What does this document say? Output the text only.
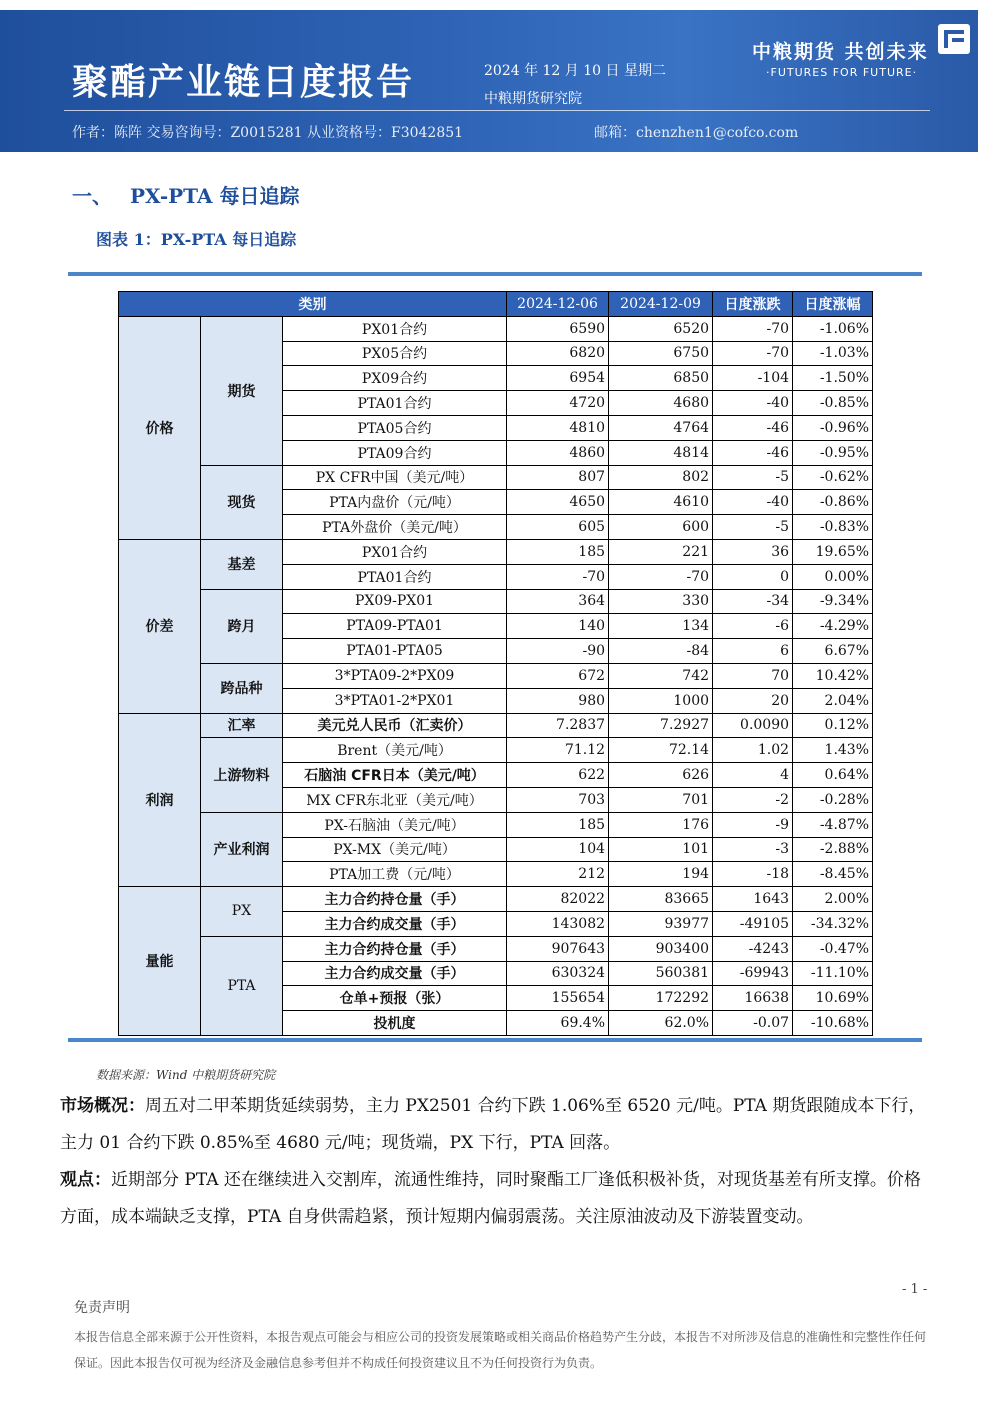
聚酯产业链日度报告	2024 年 12 月 10 日 星期二
中粮期货研究院
中粮期货 共创未来
·FUTURES FOR FUTURE·
作者：陈阵 交易咨询号：Z0015281 从业资格号：F3042851	邮箱：chenzhen1@cofco.com
一、 PX-PTA 每日追踪
图表 1：PX-PTA 每日追踪
类别			2024-12-06	2024-12-09	日度涨跌	日度涨幅
价格	期货	PX01合约	6590	6520	-70	-1.06%
		PX05合约	6820	6750	-70	-1.03%
		PX09合约	6954	6850	-104	-1.50%
		PTA01合约	4720	4680	-40	-0.85%
		PTA05合约	4810	4764	-46	-0.96%
		PTA09合约	4860	4814	-46	-0.95%
	现货	PX CFR中国（美元/吨）	807	802	-5	-0.62%
		PTA内盘价（元/吨）	4650	4610	-40	-0.86%
		PTA外盘价（美元/吨）	605	600	-5	-0.83%
价差	基差	PX01合约	185	221	36	19.65%
		PTA01合约	-70	-70	0	0.00%
	跨月	PX09-PX01	364	330	-34	-9.34%
		PTA09-PTA01	140	134	-6	-4.29%
		PTA01-PTA05	-90	-84	6	6.67%
	跨品种	3*PTA09-2*PX09	672	742	70	10.42%
		3*PTA01-2*PX01	980	1000	20	2.04%
利润	汇率	美元兑人民币（汇卖价）	7.2837	7.2927	0.0090	0.12%
	上游物料	Brent（美元/吨）	71.12	72.14	1.02	1.43%
		石脑油 CFR日本（美元/吨）	622	626	4	0.64%
		MX CFR东北亚（美元/吨）	703	701	-2	-0.28%
	产业利润	PX-石脑油（美元/吨）	185	176	-9	-4.87%
		PX-MX（美元/吨）	104	101	-3	-2.88%
		PTA加工费（元/吨）	212	194	-18	-8.45%
量能	PX	主力合约持仓量（手）	82022	83665	1643	2.00%
		主力合约成交量（手）	143082	93977	-49105	-34.32%
	PTA	主力合约持仓量（手）	907643	903400	-4243	-0.47%
		主力合约成交量（手）	630324	560381	-69943	-11.10%
		仓单+预报（张）	155654	172292	16638	10.69%
		投机度	69.4%	62.0%	-0.07	-10.68%
数据来源：Wind 中粮期货研究院
市场概况：周五对二甲苯期货延续弱势，主力 PX2501 合约下跌 1.06%至 6520 元/吨。PTA 期货跟随成本下行，主力 01 合约下跌 0.85%至 4680 元/吨；现货端，PX 下行，PTA 回落。
观点：近期部分 PTA 还在继续进入交割库，流通性维持，同时聚酯工厂逢低积极补货，对现货基差有所支撑。价格方面，成本端缺乏支撑，PTA 自身供需趋紧，预计短期内偏弱震荡。关注原油波动及下游装置变动。
- 1 -
免责声明
本报告信息全部来源于公开性资料，本报告观点可能会与相应公司的投资发展策略或相关商品价格趋势产生分歧，本报告不对所涉及信息的准确性和完整性作任何保证。因此本报告仅可视为经济及金融信息参考但并不构成任何投资建议且不为任何投资行为负责。
